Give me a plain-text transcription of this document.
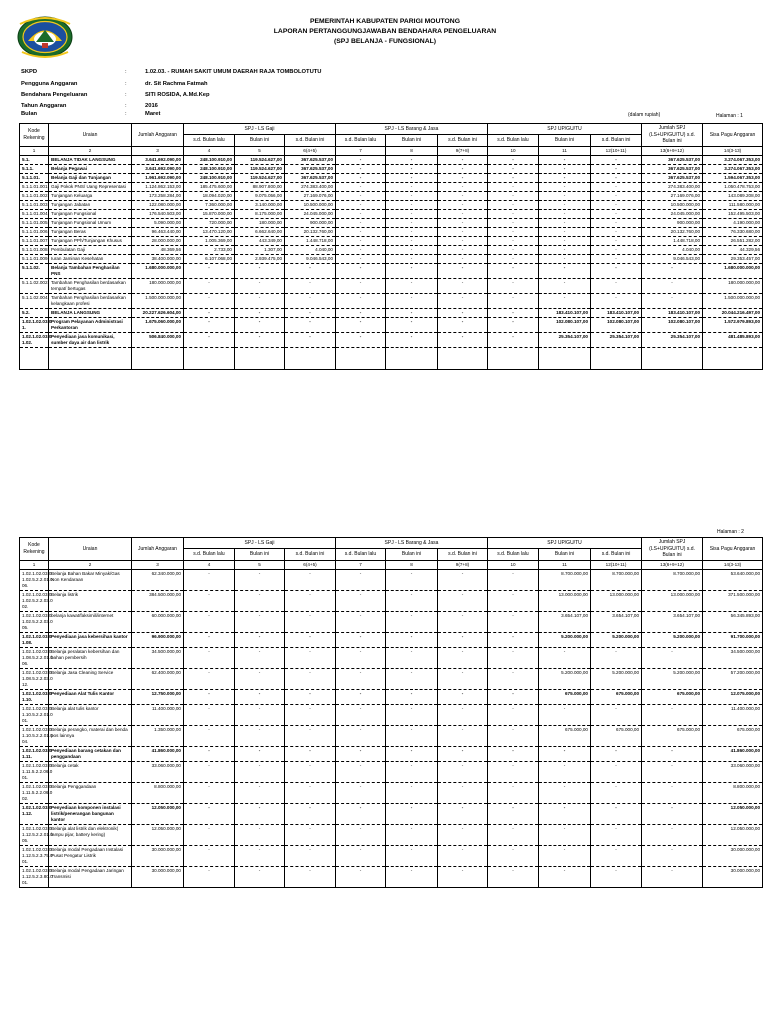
PEMERINTAH KABUPATEN PARIGI MOUTONG
LAPORAN PERTANGGUNGJAWABAN BENDAHARA PENGELUARAN
(SPJ BELANJA - FUNGSIONAL)
SKPD	:	1.02.03. - RUMAH SAKIT UMUM DAERAH RAJA TOMBOLOTUTU
Pengguna Anggaran	:	dr. Sit Rachma Fatmah
Bendahara Pengeluaran	:	SITI ROSIDA, A.Md.Kep
Tahun Anggaran	:	2016
Bulan	:	Maret	(dalam rupiah)	Halaman : 1
Halaman : 2
Kode Rekening	Uraian	Jumlah Anggaran	SPJ - LS Gaji			SPJ - LS Barang & Jasa			SPJ UP/GU/TU			Jumlah SPJ (LS+UP/GU/TU) s.d. Bulan ini	Sisa Pagu Anggaran
			s.d. Bulan lalu	Bulan ini	s.d. Bulan ini	s.d. Bulan lalu	Bulan ini	s.d. Bulan ini	s.d. Bulan lalu	Bulan ini	s.d. Bulan ini		
1	2	3	4	5	6(4+5)	7	8	9(7+8)	10	11	12(10+11)	13(6+9+12)	14(3-13)
5.1.	BELANJA TIDAK LANGSUNG	3.641.692.090,00	248.100.910,00	119.524.627,00	367.625.537,00	-	-	-	-	-	-	367.625.537,00	3.274.067.353,00
5.1.1.	Belanja Pegawai	3.641.692.090,00	248.100.910,00	119.524.627,00	367.625.537,00	-	-	-	-	-	-	367.625.537,00	3.274.067.353,00
5.1.1.01.	Belanja Gaji dan Tunjangan	1.961.692.090,00	248.100.910,00	119.524.627,00	367.625.537,00	-	-	-	-	-	-	367.625.537,00	1.594.067.353,00
5.1.1.01.001.	Gaji Pokok PNS/ Uang Representasi	1.124.862.153,00	185.475.600,00	88.907.800,00	274.383.400,00	-	-	-	-	-	-	274.383.400,00	1.050.478.753,00
5.1.1.01.002.	Tunjangan Keluarga	173.258.284,00	18.094.020,00	9.075.056,00	27.169.076,00	-	-	-	-	-	-	27.169.076,00	143.089.208,00
5.1.1.01.003.	Tunjangan Jabatan	122.080.000,00	7.360.000,00	3.140.000,00	10.500.000,00	-	-	-	-	-	-	10.500.000,00	111.580.000,00
5.1.1.01.004.	Tunjangan Fungsional	176.540.503,00	15.870.000,00	8.175.000,00	24.045.000,00	-	-	-	-	-	-	24.045.000,00	152.495.503,00
5.1.1.01.005.	Tunjangan Fungsional Umum	5.090.000,00	720.000,00	180.000,00	900.000,00	-	-	-	-	-	-	900.000,00	4.190.000,00
5.1.1.01.006.	Tunjangan Beras	96.463.440,00	13.470.120,00	6.662.640,00	20.132.760,00	-	-	-	-	-	-	20.132.760,00	76.330.680,00
5.1.1.01.007.	Tunjangan PPh/Tunjangan Khusus	28.000.000,00	1.005.369,00	443.349,00	1.448.718,00	-	-	-	-	-	-	1.448.718,00	26.551.282,00
5.1.1.01.008.	Pembulatan Gaji	48.369,56	2.733,00	1.307,00	4.040,00	-	-	-	-	-	-	4.040,00	44.329,56
5.1.1.01.009.	Iuran Jaminan Kesehatan	38.400.000,00	6.107.068,00	2.939.475,00	9.046.543,00	-	-	-	-	-	-	9.046.543,00	29.353.457,00
5.1.1.02.	Belanja Tambahan Penghasilan PNS	1.680.000.000,00	-	-	-	-	-	-	-	-	-	-	1.680.000.000,00
5.1.1.02.002.	Tambahan Penghasilan berdasarkan tempat/ bertugas	180.000.000,00	-	-	-	-	-	-	-	-	-	-	180.000.000,00
5.1.1.02.004.	Tambahan Penghasilan berdasarkan kelangkaan profesi	1.500.000.000,00	-	-	-	-	-	-	-	-	-	-	1.500.000.000,00
5.2.	BELANJA LANGSUNG	20.227.626.604,00	-	-	-	-	-	-	-	183.410.107,00	183.410.107,00	183.410.107,00	20.044.216.497,00
1.02.1.02.03.0 1.	Program Pelayanan Administrasi Perkantoran	1.675.060.000,00	-	-	-	-	-	-	-	102.080.107,00	102.080.107,00	102.080.107,00	1.572.979.893,00
1.02.1.02.03.0 1.02.	Penyediaan jasa komunikasi, sumber daya air dan listrik	506.840.000,00	-	-	-	-	-	-	-	25.354.107,00	25.354.107,00	25.354.107,00	481.485.893,00

Kode Rekening	Uraian	Jumlah Anggaran	SPJ - LS Gaji			SPJ - LS Barang & Jasa			SPJ UP/GU/TU			Jumlah SPJ (LS+UP/GU/TU) s.d. Bulan ini	Sisa Pagu Anggaran
			s.d. Bulan lalu	Bulan ini	s.d. Bulan ini	s.d. Bulan lalu	Bulan ini	s.d. Bulan ini	s.d. Bulan lalu	Bulan ini	s.d. Bulan ini		
1	2	3	4	5	6(4+5)	7	8	9(7+8)	10	11	12(10+11)	13(6+9+12)	14(3-13)
1.02.1.02.03.0 1.02.5.2.2.01.0 06.	Belanja Bahan Bakar Minyak/Gas Non Kendaraan	62.340.000,00	-	-	-	-	-	-	-	8.700.000,00	8.700.000,00	8.700.000,00	53.640.000,00
1.02.1.02.03.0 1.02.5.2.2.03.0 02.	Belanja listrik	384.500.000,00	-	-	-	-	-	-	-	13.000.000,00	13.000.000,00	13.000.000,00	371.500.000,00
1.02.1.02.03.0 1.02.5.2.2.03.0 05.	belanja kawat/faksimili/internet	60.000.000,00	-	-	-	-	-	-	-	3.654.107,00	3.654.107,00	3.654.107,00	56.345.893,00
1.02.1.02.03.0 1.08.	Penyediaan jasa kebersihan kantor	96.900.000,00	-	-	-	-	-	-	-	5.200.000,00	5.200.000,00	5.200.000,00	91.700.000,00
1.02.1.02.03.0 1.08.5.2.2.01.0 06.	Belanja peralatan kebersihan dan bahan pembersih	34.500.000,00	-	-	-	-	-	-	-	-	-	-	34.500.000,00
1.02.1.02.03.0 1.08.5.2.2.03.0 12.	Belanja Jasa Cleaning Service	62.400.000,00	-	-	-	-	-	-	-	5.200.000,00	5.200.000,00	5.200.000,00	57.200.000,00
1.02.1.02.03.0 1.10.	Penyediaan Alat Tulis Kantor	12.750.000,00	-	-	-	-	-	-	-	675.000,00	675.000,00	675.000,00	12.075.000,00
1.02.1.02.03.0 1.10.5.2.2.01.0 01.	Belanja alat tulis kantor	11.400.000,00	-	-	-	-	-	-	-	-	-	-	11.400.000,00
1.02.1.02.03.0 1.10.5.2.2.01.0 04.	Belanja perangko, materai dan benda pos lainnya	1.350.000,00	-	-	-	-	-	-	-	675.000,00	675.000,00	675.000,00	675.000,00
1.02.1.02.03.0 1.11.	Penyediaan barang cetakan dan penggandaan	41.860.000,00	-	-	-	-	-	-	-	-	-	-	41.860.000,00
1.02.1.02.03.0 1.11.5.2.2.06.0 01.	Belanja cetak	33.060.000,00	-	-	-	-	-	-	-	-	-	-	33.060.000,00
1.02.1.02.03.0 1.11.5.2.2.06.0 02.	Belanja Penggandaan	8.800.000,00	-	-	-	-	-	-	-	-	-	-	8.800.000,00
1.02.1.02.03.0 1.12.	Penyediaan komponen instalasi listrik/penerangan bangunan kantor	12.050.000,00	-	-	-	-	-	-	-	-	-	-	12.050.000,00
1.02.1.02.03.0 1.12.5.2.2.01.0 05.	Belanja alat listrik dan elektronik( lampu pijar, battery kering)	12.050.000,00	-	-	-	-	-	-	-	-	-	-	12.050.000,00
1.02.1.02.03.0 1.12.5.2.3.75.0 01.	Belanja modal Pengadaan Instalasi Pusat Pengatur Listrik	30.000.000,00	-	-	-	-	-	-	-	-	-	-	30.000.000,00
1.02.1.02.03.0 1.12.5.2.3.80.0 01.	Belanja modal Pengadaan Jaringan Transmisi	30.000.000,00	-	-	-	-	-	-	-	-	-	-	30.000.000,00
